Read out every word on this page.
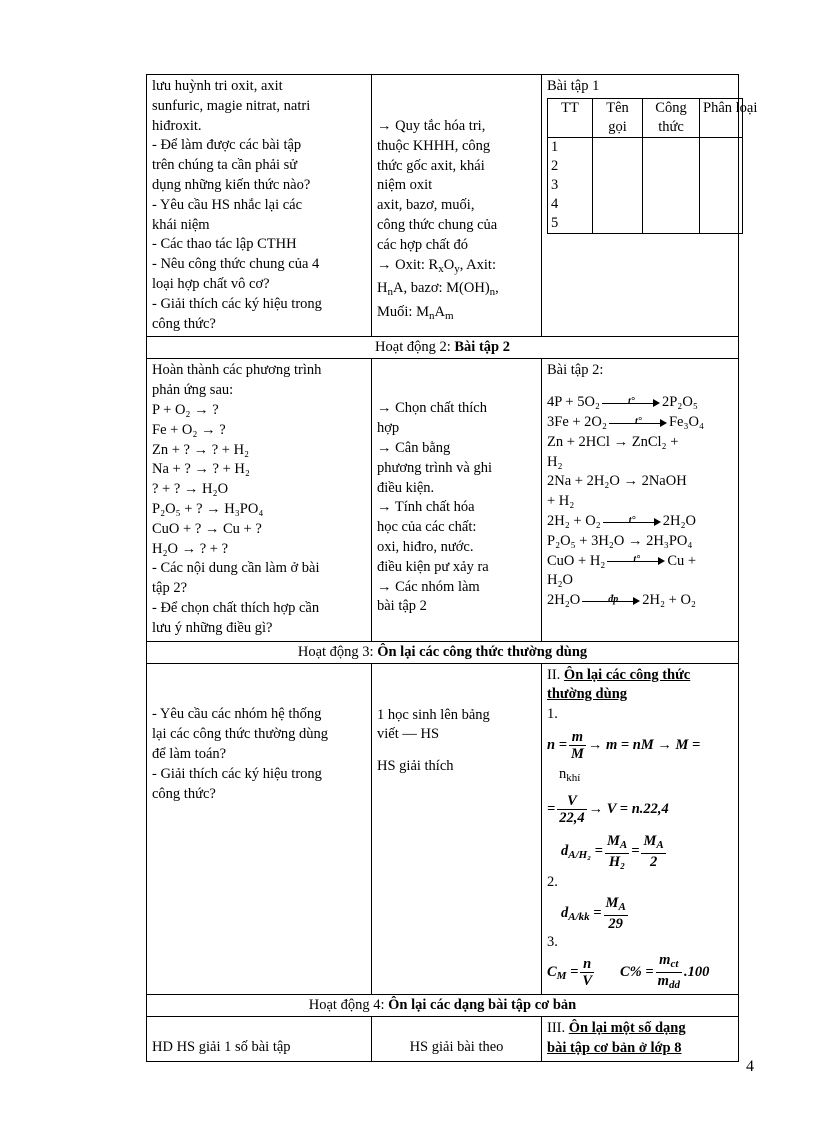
lưu huỳnh tri oxit, axit
sunfuric, magie nitrat, natri
hiđroxit.
- Để làm được các bài tập
trên chúng ta cần phải sử
dụng những kiến thức nào?
- Yêu cầu HS nhắc lại các
khái niệm
- Các thao tác lập CTHH
- Nêu công thức chung của 4
loại hợp chất vô cơ?
- Giải thích các ký hiệu trong
công thức?

→ Quy tắc hóa tri,
thuộc KHHH, công
thức gốc axit, khái
niệm oxit
axit, bazơ, muối,
công thức chung của
các hợp chất đó
→ Oxit: $R_xO_y$, Axit:
$H_nA$, bazơ: $M(OH)_n$,
Muối: $M_nA_m$

Bài tập 1
TT	Tên gọi	Công thức	Phân loại

1
2
3
4
5

Hoạt động 2: Bài tập 2

Hoàn thành các phương trình
phản ứng sau:
P + O₂ → ?
Fe + O₂ → ?
Zn + ? → ? + H₂
Na + ? → ? + H₂
? + ? → H₂O
P₂O₅ + ? → H₃PO₄
CuO + ? → Cu + ?
H₂O → ? + ?
- Các nội dung cần làm ở bài
tập 2?
- Để chọn chất thích hợp cần
lưu ý những điều gì?

→ Chọn chất thích
hợp
→ Cân bằng
phương trình và ghi
điều kiện.
→ Tính chất hóa
học của các chất:
oxi, hiđro, nước.
điều kiện pư xảy ra
→ Các nhóm làm
bài tập 2

Bài tập 2:
4P + 5O₂	t° 2P₂O₅
3Fe + 2O₂	t° Fe₃O₄
Zn + 2HCl → ZnCl₂ +
H₂
2Na + 2H₂O → 2NaOH
+ H₂
2H₂ + O₂	t° 2H₂O
P₂O₅ + 3H₂O → 2H₃PO₄
CuO + H₂	t° Cu +
H₂O
2H₂O	đp 2H₂ + O₂

Hoạt động 3: Ôn lại các công thức thường dùng

- Yêu cầu các nhóm hệ thống
lại các công thức thường dùng
để làm toán?
- Giải thích các ký hiệu trong
công thức?

1 học sinh lên bảng
viết — HS
HS giải thích

II. Ôn lại các công thức
thường dùng
1.
$n = \frac{m}{M} \to m$ = nM → M =
$n_{khí}$
= $\frac{V}{22,4} \to V = n.22,4$
$d_{A/H_2} = \frac{M_A}{\text{H₂}} = \frac{M_A}{2}$
2.
$d_{A/kk} = \frac{M_A}{29}$
3.
$C_M = \frac{n}{V} C\% = \frac{m_{ct}}{m_{dd}} .100$

Hoạt động 4: Ôn lại các dạng bài tập cơ bản

HD HS giải 1 số bài tập	HS giải bài theo

III. Ôn lại một số dạng
bài tập cơ bản ở lớp 8
4
